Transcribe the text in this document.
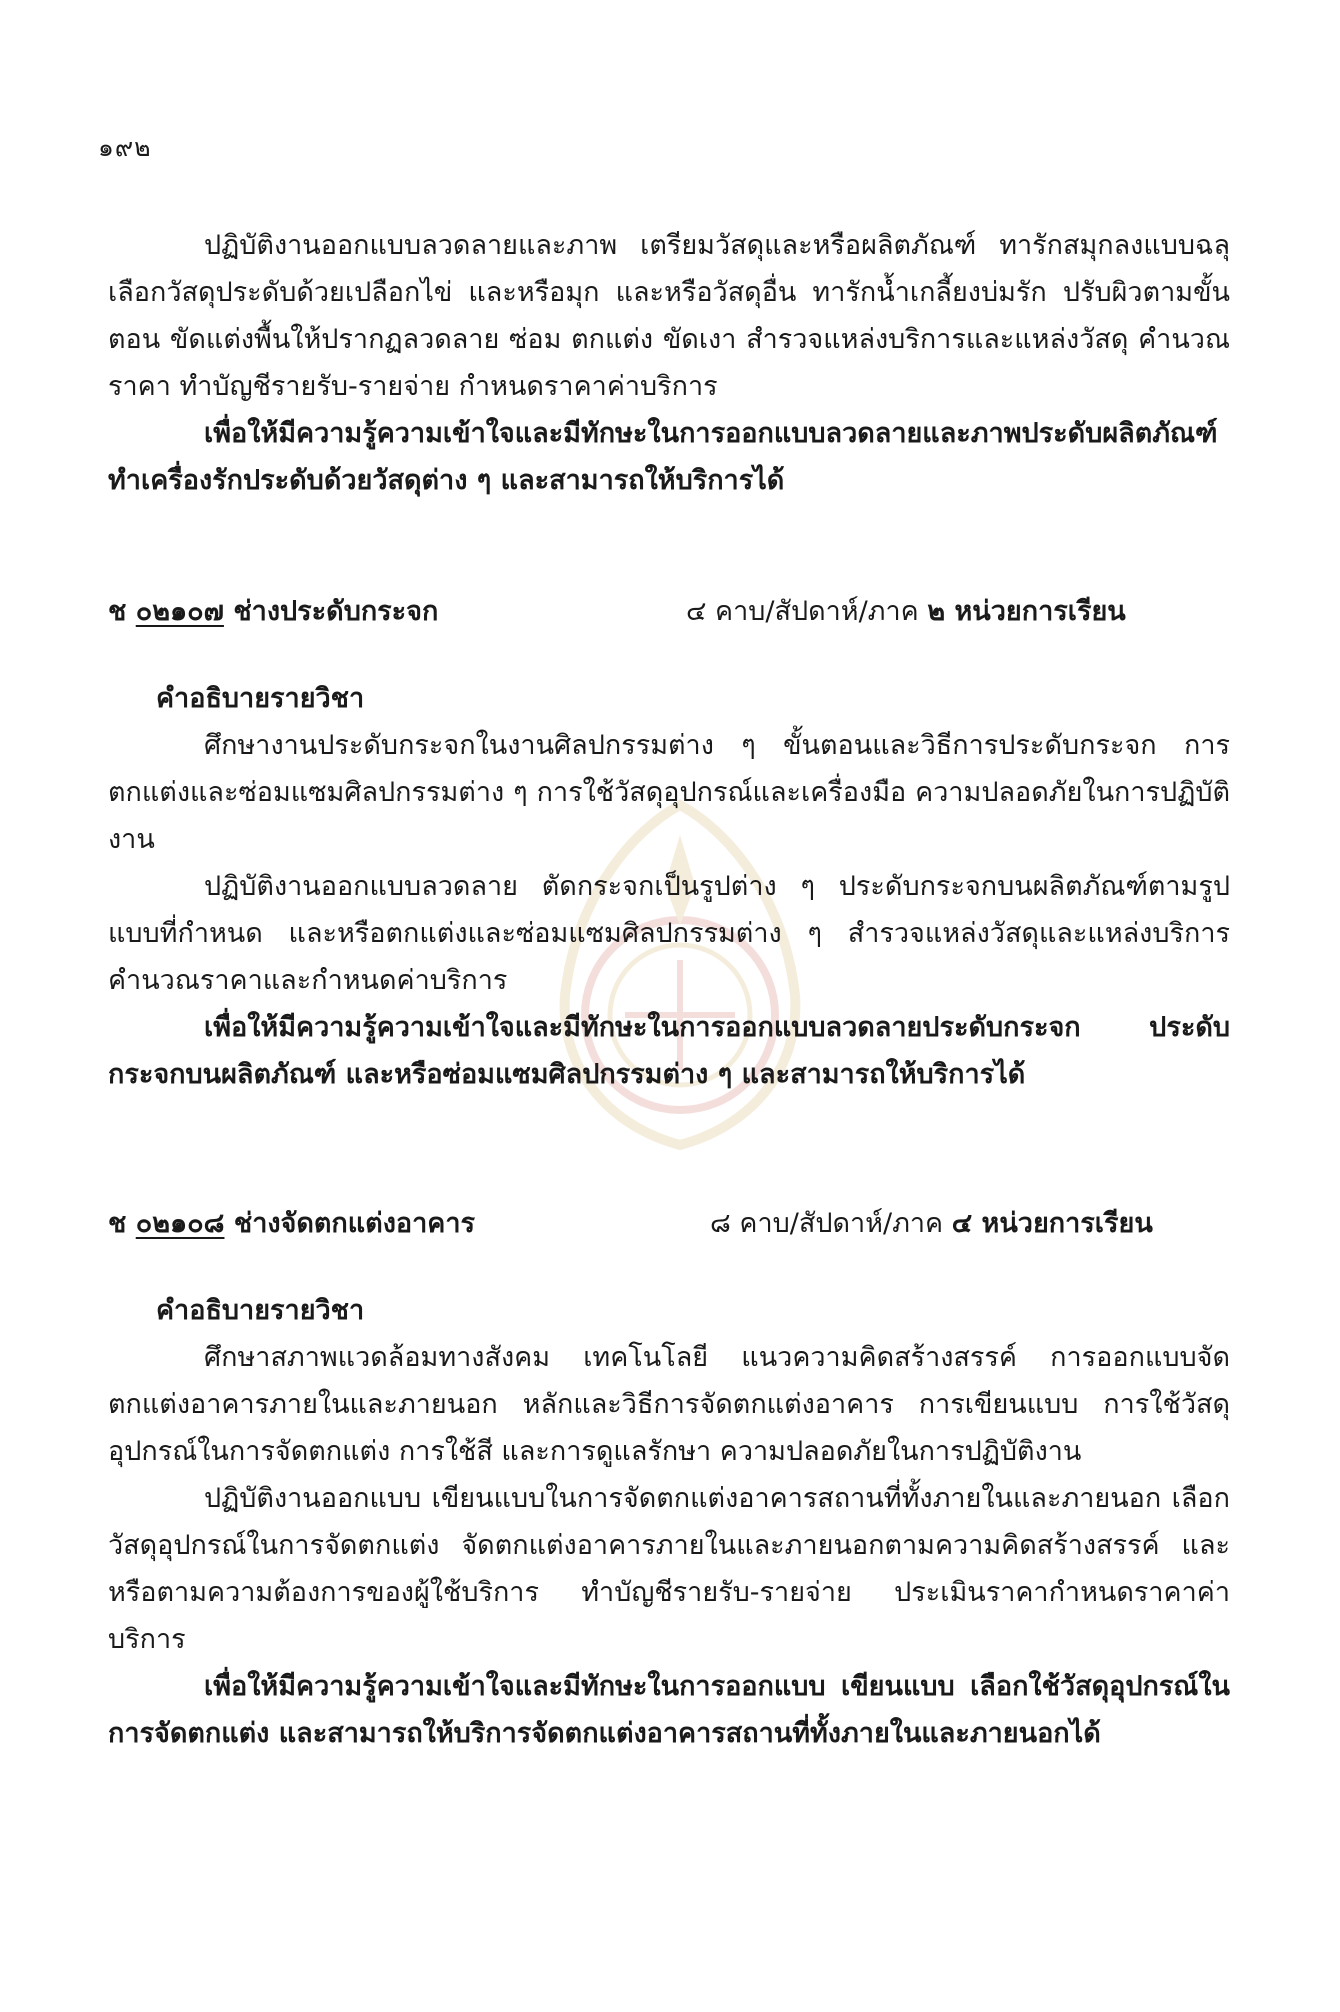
๑๙๒

ปฏิบัติงานออกแบบลวดลายและภาพ เตรียมวัสดุและหรือผลิตภัณฑ์ ทารักสมุกลงแบบฉลุ เลือกวัสดุประดับด้วยเปลือกไข่ และหรือมุก และหรือวัสดุอื่น ทารักน้ำเกลี้ยงบ่มรัก ปรับผิวตามขั้นตอน ขัดแต่งพื้นให้ปรากฏลวดลาย ซ่อม ตกแต่ง ขัดเงา สำรวจแหล่งบริการและแหล่งวัสดุ คำนวณราคา ทำบัญชีรายรับ-รายจ่าย กำหนดราคาค่าบริการ

เพื่อให้มีความรู้ความเข้าใจและมีทักษะในการออกแบบลวดลายและภาพประดับผลิตภัณฑ์ ทำเครื่องรักประดับด้วยวัสดุต่าง ๆ และสามารถให้บริการได้

ช ๐๒๑๐๗ ช่างประดับกระจก	๔ คาบ/สัปดาห์/ภาค ๒ หน่วยการเรียน
คำอธิบายรายวิชา

ศึกษางานประดับกระจกในงานศิลปกรรมต่าง ๆ ขั้นตอนและวิธีการประดับกระจก การตกแต่งและซ่อมแซมศิลปกรรมต่าง ๆ การใช้วัสดุอุปกรณ์และเครื่องมือ ความปลอดภัยในการปฏิบัติงาน

ปฏิบัติงานออกแบบลวดลาย ตัดกระจกเป็นรูปต่าง ๆ ประดับกระจกบนผลิตภัณฑ์ตามรูปแบบที่กำหนด และหรือตกแต่งและซ่อมแซมศิลปกรรมต่าง ๆ สำรวจแหล่งวัสดุและแหล่งบริการ คำนวณราคาและกำหนดค่าบริการ

เพื่อให้มีความรู้ความเข้าใจและมีทักษะในการออกแบบลวดลายประดับกระจก ประดับกระจกบนผลิตภัณฑ์ และหรือซ่อมแซมศิลปกรรมต่าง ๆ และสามารถให้บริการได้

ช ๐๒๑๐๘ ช่างจัดตกแต่งอาคาร	๘ คาบ/สัปดาห์/ภาค ๔ หน่วยการเรียน
คำอธิบายรายวิชา

ศึกษาสภาพแวดล้อมทางสังคม เทคโนโลยี แนวความคิดสร้างสรรค์ การออกแบบจัดตกแต่งอาคารภายในและภายนอก หลักและวิธีการจัดตกแต่งอาคาร การเขียนแบบ การใช้วัสดุอุปกรณ์ในการจัดตกแต่ง การใช้สี และการดูแลรักษา ความปลอดภัยในการปฏิบัติงาน

ปฏิบัติงานออกแบบ เขียนแบบในการจัดตกแต่งอาคารสถานที่ทั้งภายในและภายนอก เลือกวัสดุอุปกรณ์ในการจัดตกแต่ง จัดตกแต่งอาคารภายในและภายนอกตามความคิดสร้างสรรค์ และหรือตามความต้องการของผู้ใช้บริการ ทำบัญชีรายรับ-รายจ่าย ประเมินราคากำหนดราคาค่าบริการ

เพื่อให้มีความรู้ความเข้าใจและมีทักษะในการออกแบบ เขียนแบบ เลือกใช้วัสดุอุปกรณ์ในการจัดตกแต่ง และสามารถให้บริการจัดตกแต่งอาคารสถานที่ทั้งภายในและภายนอกได้
